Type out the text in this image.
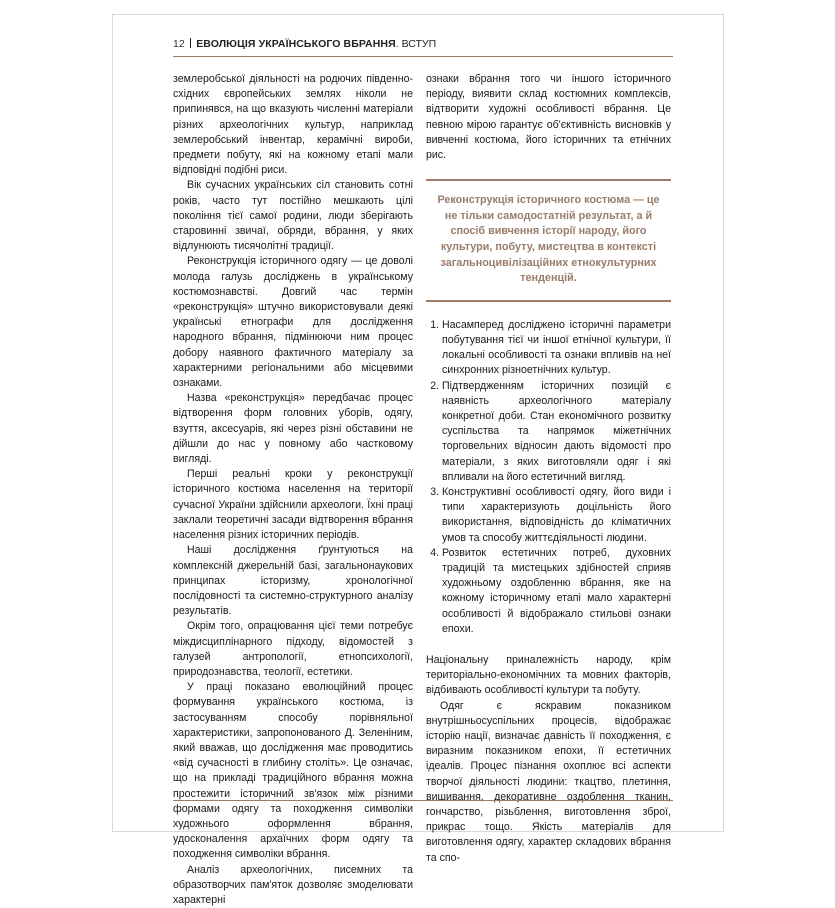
12 ЕВОЛЮЦІЯ УКРАЇНСЬКОГО ВБРАННЯ. ВСТУП

землеробської діяльності на родючих південно-східних європейських землях ніколи не припинявся, на що вказують численні матеріали різних археологічних культур, наприклад землеробський інвентар, керамічні вироби, предмети побуту, які на кожному етапі мали відповідні подібні риси.

Вік сучасних українських сіл становить сотні років, часто тут постійно мешкають цілі покоління тієї самої родини, люди зберігають старовинні звичаї, обряди, вбрання, у яких відлунюють тисячолітні традиції.

Реконструкція історичного одягу — це доволі молода галузь досліджень в українському костюмознавстві. Довгий час термін «реконструкція» штучно використовували деякі українські етнографи для дослідження народного вбрання, підмінюючи ним процес добору наявного фактичного матеріалу за характерними регіональними або місцевими ознаками.

Назва «реконструкція» передбачає процес відтворення форм головних уборів, одягу, взуття, аксесуарів, які через різні обставини не дійшли до нас у повному або частковому вигляді.

Перші реальні кроки у реконструкції історичного костюма населення на території сучасної України здійснили археологи. Їхні праці заклали теоретичні засади відтворення вбрання населення різних історичних періодів.

Наші дослідження ґрунтуються на комплексній джерельній базі, загальнонаукових принципах історизму, хронологічної послідовності та системно-структурного аналізу результатів.

Окрім того, опрацювання цієї теми потребує міждисциплінарного підходу, відомостей з галузей антропології, етнопсихології, природознавства, теології, естетики.

У праці показано еволюційний процес формування українського костюма, із застосуванням способу порівняльної характеристики, запропонованого Д. Зеленіним, який вважав, що дослідження має проводитись «від сучасності в глибину століть». Це означає, що на прикладі традиційного вбрання можна простежити історичний зв'язок між різними формами одягу та походження символіки художнього оформлення вбрання, удосконалення архаїчних форм одягу та походження символіки вбрання.

Аналіз археологічних, писемних та образотворчих пам'яток дозволяє змоделювати характерні

ознаки вбрання того чи іншого історичного періоду, виявити склад костюмних комплексів, відтворити художні особливості вбрання. Це певною мірою гарантує об'єктивність висновків у вивченні костюма, його історичних та етнічних рис.

Реконструкція історичного костюма — це не тільки самодостатній результат, а й спосіб вивчення історії народу, його культури, побуту, мистецтва в контексті загальноцивілізаційних етнокультурних тенденцій.
1. Насамперед досліджено історичні параметри побутування тієї чи іншої етнічної культури, її локальні особливості та ознаки впливів на неї синхронних різноетнічних культур.
2. Підтвердженням історичних позицій є наявність археологічного матеріалу конкретної доби. Стан економічного розвитку суспільства та напрямок міжетнічних торговельних відносин дають відомості про матеріали, з яких виготовляли одяг і які впливали на його естетичний вигляд.
3. Конструктивні особливості одягу, його види і типи характеризують доцільність його використання, відповідність до кліматичних умов та способу життєдіяльності людини.
4. Розвиток естетичних потреб, духовних традицій та мистецьких здібностей сприяв художньому оздобленню вбрання, яке на кожному історичному етапі мало характерні особливості й відображало стильові ознаки епохи.

Національну приналежність народу, крім територіально-економічних та мовних факторів, відбивають особливості культури та побуту.

Одяг є яскравим показником внутрішньосуспільних процесів, відображає історію нації, визначає давність її походження, є виразним показником епохи, її естетичних ідеалів. Процес пізнання охоплює всі аспекти творчої діяльності людини: ткацтво, плетиння, вишивання, декоративне оздоблення тканин, гончарство, різьблення, виготовлення зброї, прикрас тощо. Якість матеріалів для виготовлення одягу, характер складових вбрання та спо-
